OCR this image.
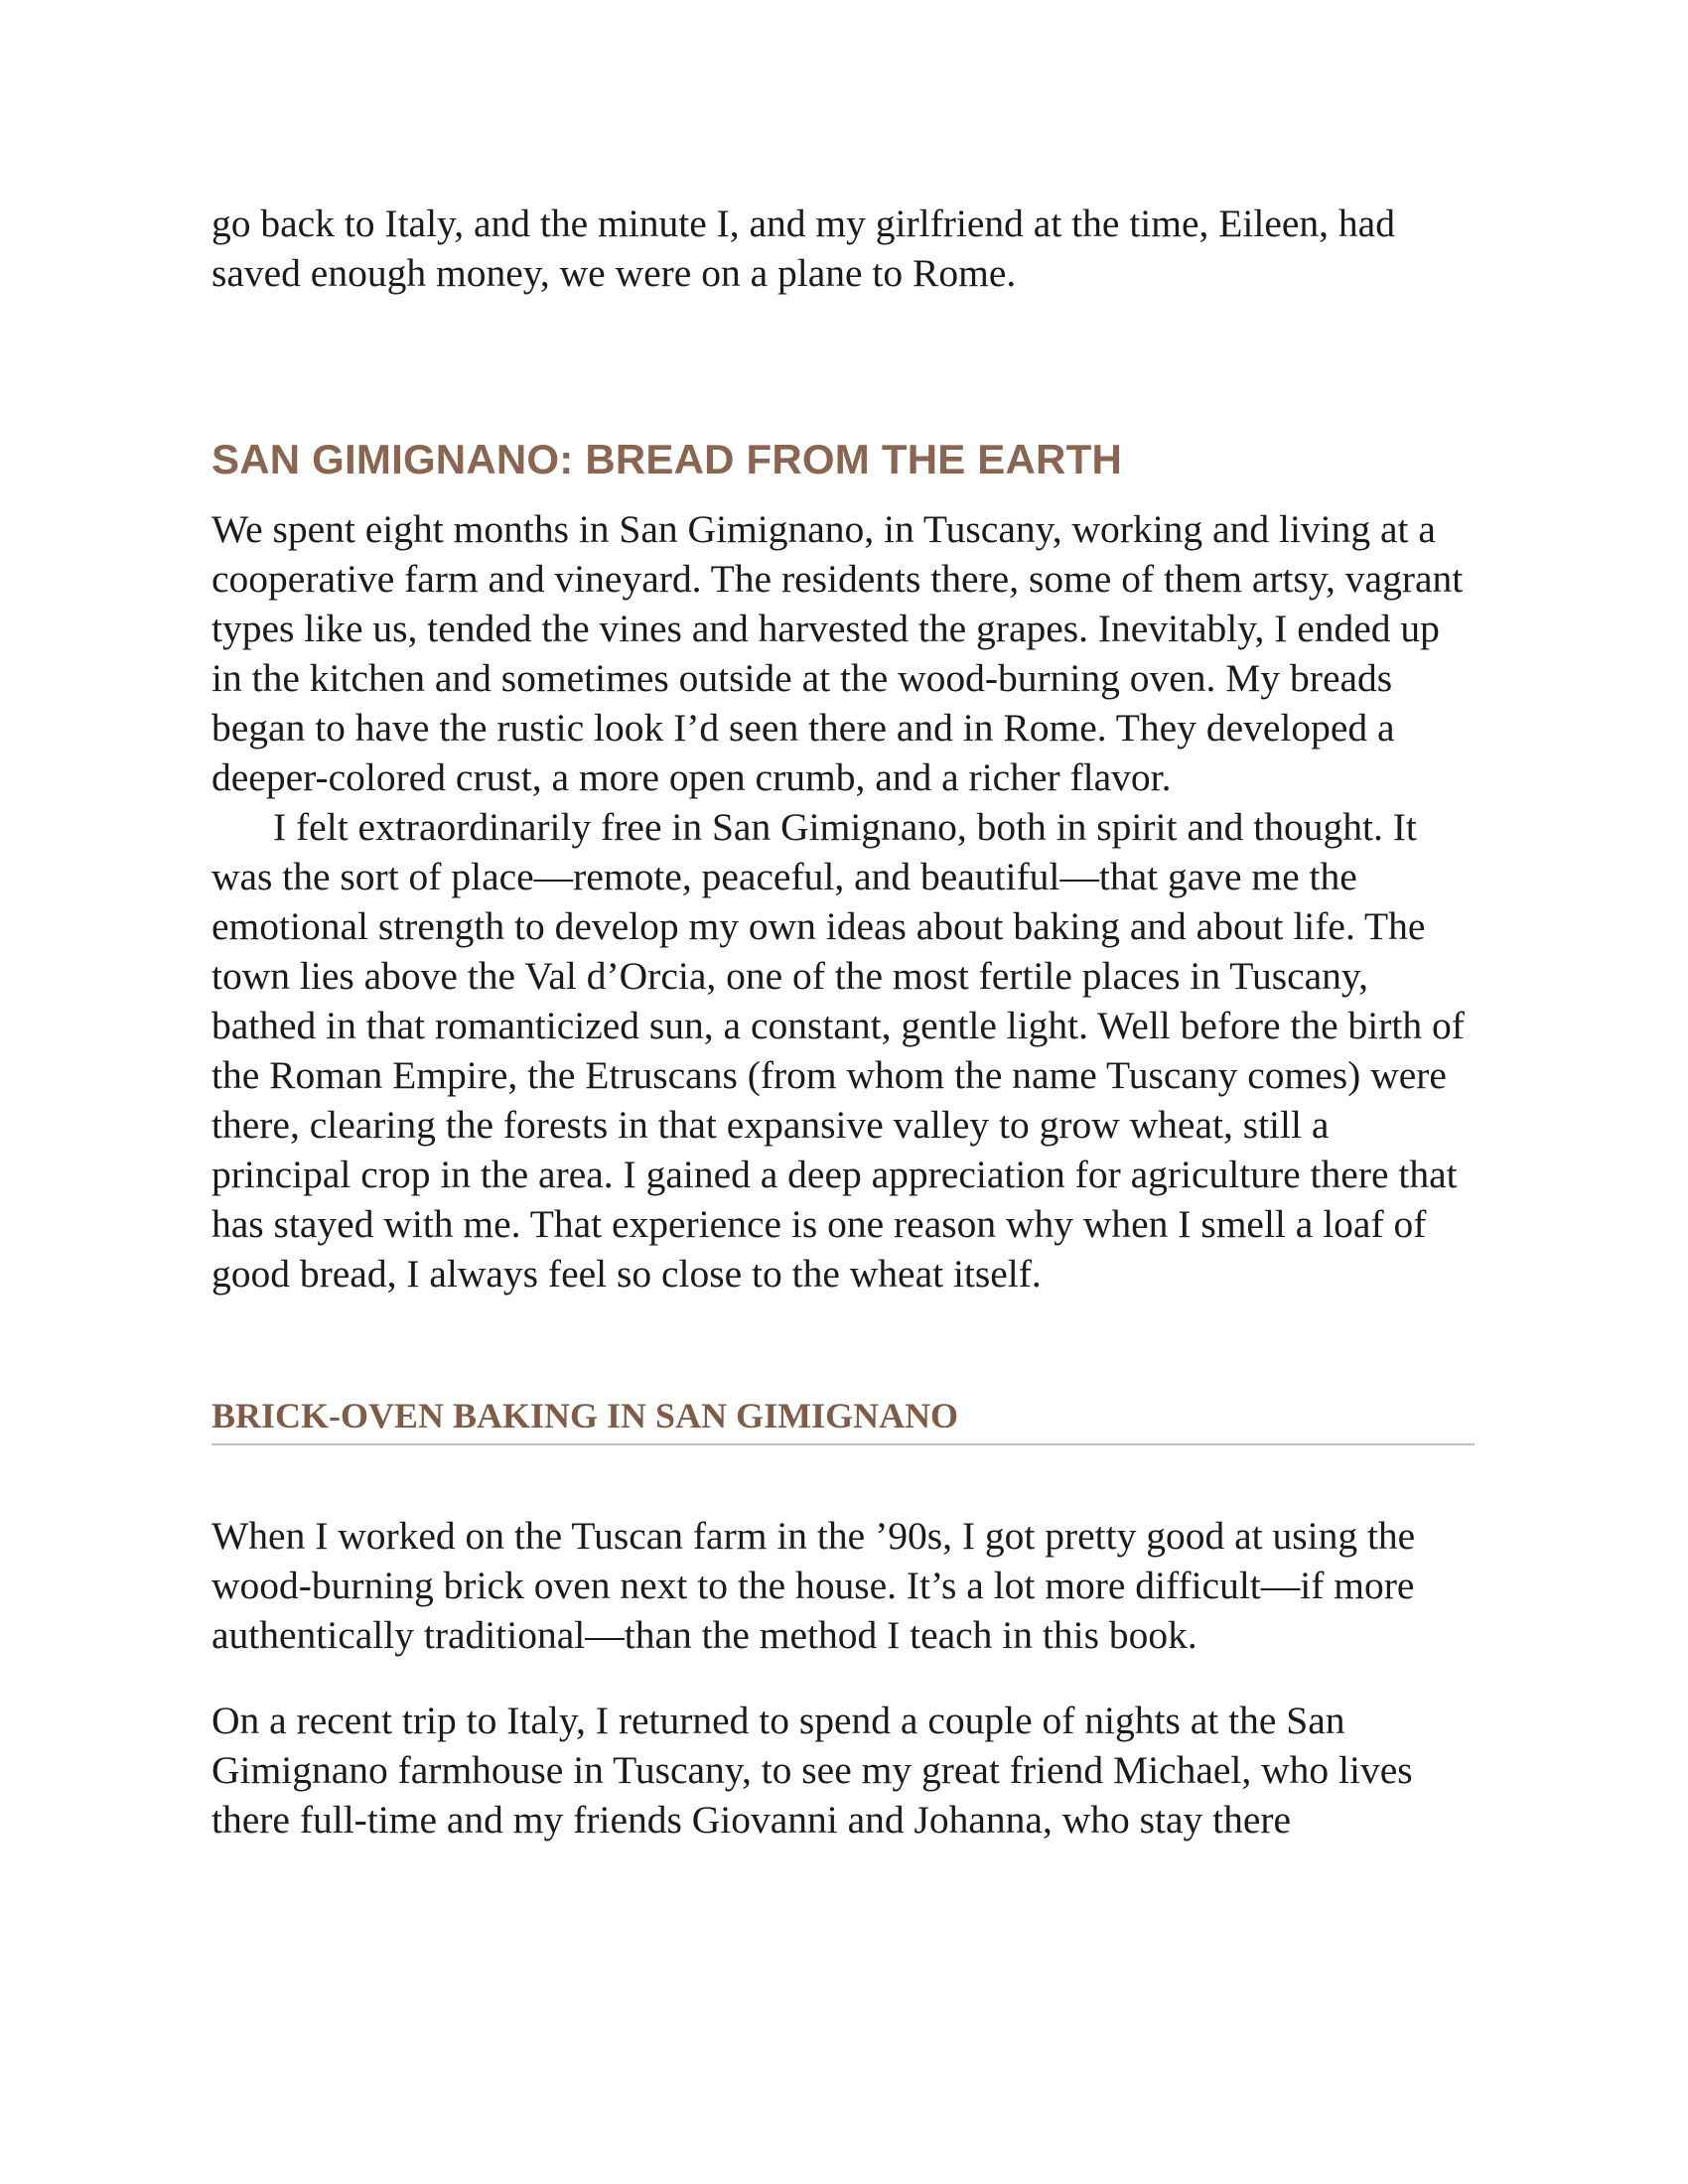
go back to Italy, and the minute I, and my girlfriend at the time, Eileen, had saved enough money, we were on a plane to Rome.

SAN GIMIGNANO: BREAD FROM THE EARTH

We spent eight months in San Gimignano, in Tuscany, working and living at a cooperative farm and vineyard. The residents there, some of them artsy, vagrant types like us, tended the vines and harvested the grapes. Inevitably, I ended up in the kitchen and sometimes outside at the wood-burning oven. My breads began to have the rustic look I’d seen there and in Rome. They developed a deeper-colored crust, a more open crumb, and a richer flavor.

I felt extraordinarily free in San Gimignano, both in spirit and thought. It was the sort of place—remote, peaceful, and beautiful—that gave me the emotional strength to develop my own ideas about baking and about life. The town lies above the Val d’Orcia, one of the most fertile places in Tuscany, bathed in that romanticized sun, a constant, gentle light. Well before the birth of the Roman Empire, the Etruscans (from whom the name Tuscany comes) were there, clearing the forests in that expansive valley to grow wheat, still a principal crop in the area. I gained a deep appreciation for agriculture there that has stayed with me. That experience is one reason why when I smell a loaf of good bread, I always feel so close to the wheat itself.

BRICK-OVEN BAKING IN SAN GIMIGNANO

When I worked on the Tuscan farm in the ’90s, I got pretty good at using the wood-burning brick oven next to the house. It’s a lot more difficult—if more authentically traditional—than the method I teach in this book.

On a recent trip to Italy, I returned to spend a couple of nights at the San Gimignano farmhouse in Tuscany, to see my great friend Michael, who lives there full-time and my friends Giovanni and Johanna, who stay there
